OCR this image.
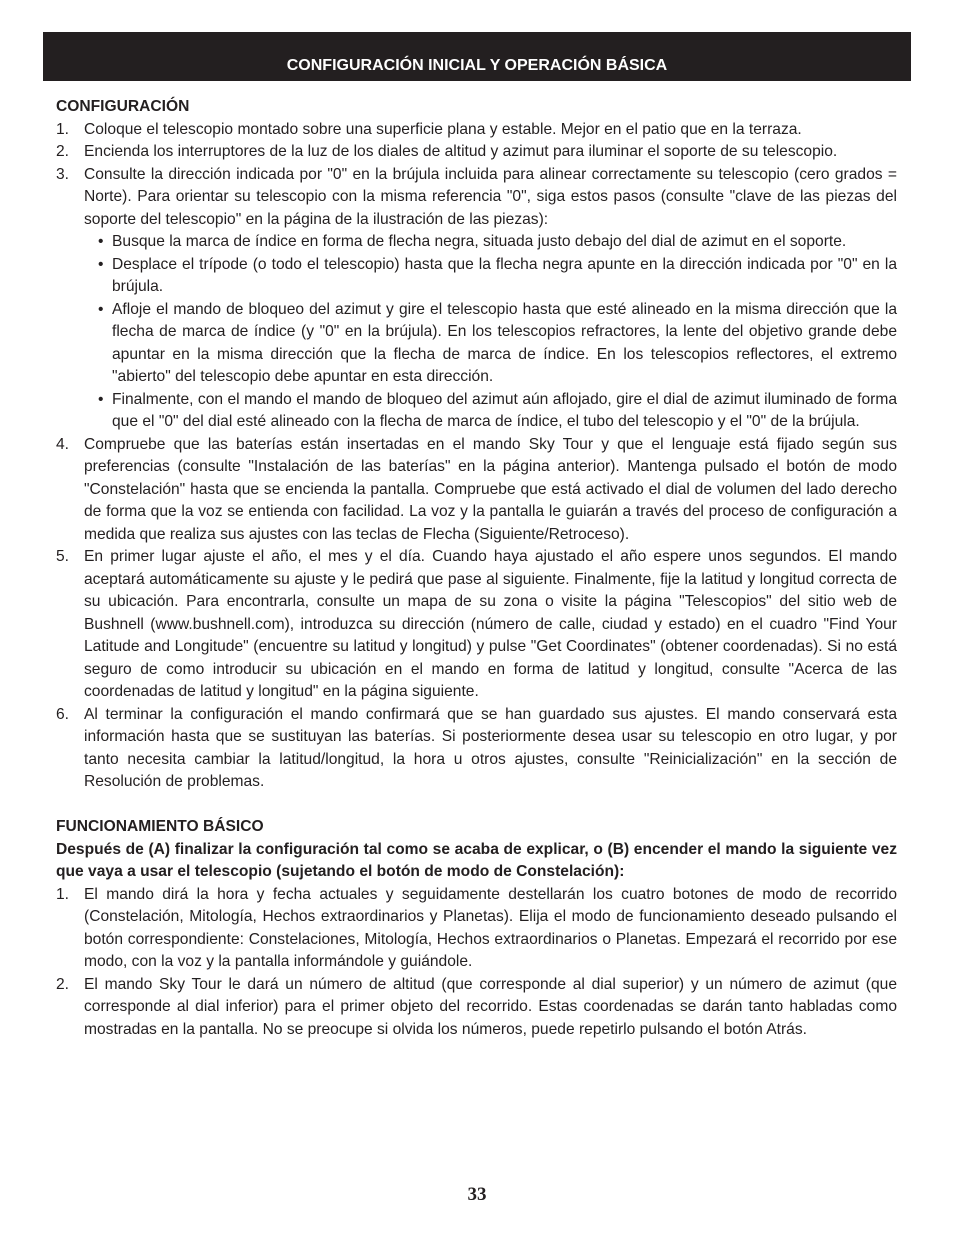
CONFIGURACIÓN INICIAL Y OPERACIÓN BÁSICA
CONFIGURACIÓN
1. Coloque el telescopio montado sobre una superficie plana y estable. Mejor en el patio que en la terraza.
2. Encienda los interruptores de la luz de los diales de altitud y azimut para iluminar el soporte de su telescopio.
3. Consulte la dirección indicada por "0" en la brújula incluida para alinear correctamente su telescopio (cero grados = Norte). Para orientar su telescopio con la misma referencia "0", siga estos pasos (consulte "clave de las piezas del soporte del telescopio" en la página de la ilustración de las piezas):
• Busque la marca de índice en forma de flecha negra, situada justo debajo del dial de azimut en el soporte.
• Desplace el trípode (o todo el telescopio) hasta que la flecha negra apunte en la dirección indicada por "0" en la brújula.
• Afloje el mando de bloqueo del azimut y gire el telescopio hasta que esté alineado en la misma dirección que la flecha de marca de índice (y "0" en la brújula). En los telescopios refractores, la lente del objetivo grande debe apuntar en la misma dirección que la flecha de marca de índice. En los telescopios reflectores, el extremo "abierto" del telescopio debe apuntar en esta dirección.
• Finalmente, con el mando el mando de bloqueo del azimut aún aflojado, gire el dial de azimut iluminado de forma que el "0" del dial esté alineado con la flecha de marca de índice, el tubo del telescopio y el "0" de la brújula.
4. Compruebe que las baterías están insertadas en el mando Sky Tour y que el lenguaje está fijado según sus preferencias (consulte "Instalación de las baterías" en la página anterior). Mantenga pulsado el botón de modo "Constelación" hasta que se encienda la pantalla. Compruebe que está activado el dial de volumen del lado derecho de forma que la voz se entienda con facilidad. La voz y la pantalla le guiarán a través del proceso de configuración a medida que realiza sus ajustes con las teclas de Flecha (Siguiente/Retroceso).
5. En primer lugar ajuste el año, el mes y el día. Cuando haya ajustado el año espere unos segundos. El mando aceptará automáticamente su ajuste y le pedirá que pase al siguiente. Finalmente, fije la latitud y longitud correcta de su ubicación. Para encontrarla, consulte un mapa de su zona o visite la página "Telescopios" del sitio web de Bushnell (www.bushnell.com), introduzca su dirección (número de calle, ciudad y estado) en el cuadro "Find Your Latitude and Longitude" (encuentre su latitud y longitud) y pulse "Get Coordinates" (obtener coordenadas). Si no está seguro de como introducir su ubicación en el mando en forma de latitud y longitud, consulte "Acerca de las coordenadas de latitud y longitud" en la página siguiente.
6. Al terminar la configuración el mando confirmará que se han guardado sus ajustes. El mando conservará esta información hasta que se sustituyan las baterías. Si posteriormente desea usar su telescopio en otro lugar, y por tanto necesita cambiar la latitud/longitud, la hora u otros ajustes, consulte "Reinicialización" en la sección de Resolución de problemas.
FUNCIONAMIENTO BÁSICO
Después de (A) finalizar la configuración tal como se acaba de explicar, o (B) encender el mando la siguiente vez que vaya a usar el telescopio (sujetando el botón de modo de Constelación):
1. El mando dirá la hora y fecha actuales y seguidamente destellarán los cuatro botones de modo de recorrido (Constelación, Mitología, Hechos extraordinarios y Planetas). Elija el modo de funcionamiento deseado pulsando el botón correspondiente: Constelaciones, Mitología, Hechos extraordinarios o Planetas. Empezará el recorrido por ese modo, con la voz y la pantalla informándole y guiándole.
2. El mando Sky Tour le dará un número de altitud (que corresponde al dial superior) y un número de azimut (que corresponde al dial inferior) para el primer objeto del recorrido. Estas coordenadas se darán tanto habladas como mostradas en la pantalla. No se preocupe si olvida los números, puede repetirlo pulsando el botón Atrás.
33
